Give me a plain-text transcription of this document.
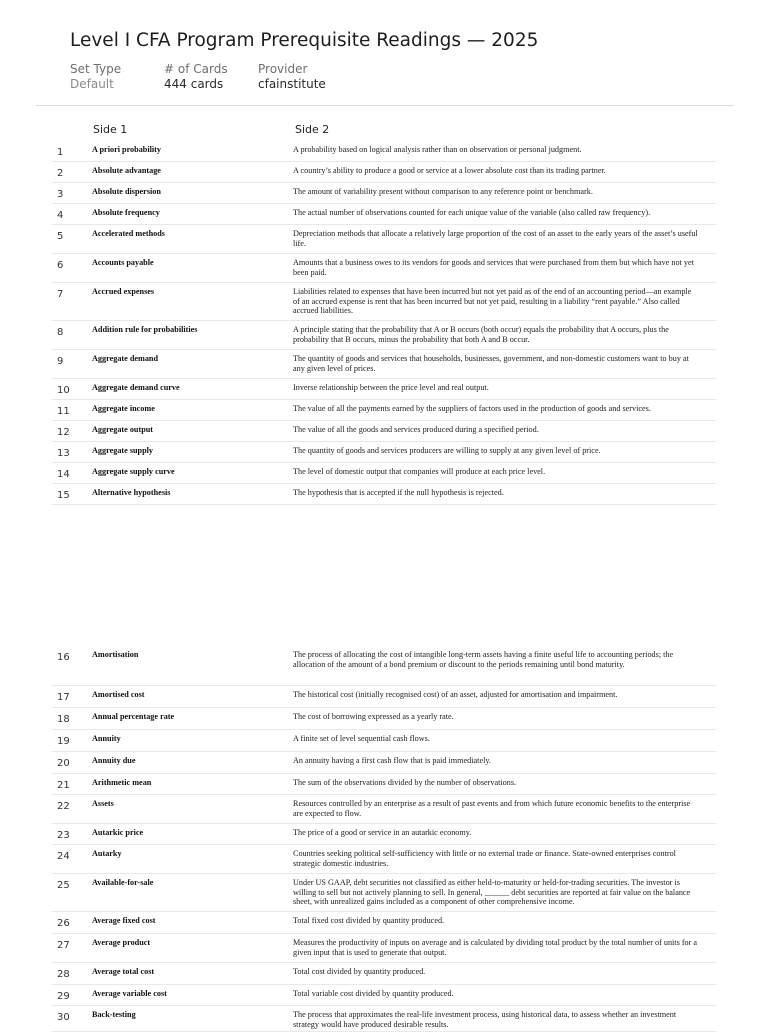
Level I CFA Program Prerequisite Readings — 2025
Set Type
Default
# of Cards
444 cards
Provider
cfainstitute
Side 1	Side 2
1	A priori probability	A probability based on logical analysis rather than on observation or personal judgment.
2	Absolute advantage	A country’s ability to produce a good or service at a lower absolute cost than its trading partner.
3	Absolute dispersion	The amount of variability present without comparison to any reference point or benchmark.
4	Absolute frequency	The actual number of observations counted for each unique value of the variable (also called raw frequency).
5	Accelerated methods	Depreciation methods that allocate a relatively large proportion of the cost of an asset to the early years of the asset’s useful life.
6	Accounts payable	Amounts that a business owes to its vendors for goods and services that were purchased from them but which have not yet been paid.
7	Accrued expenses	Liabilities related to expenses that have been incurred but not yet paid as of the end of an accounting period—an example of an accrued expense is rent that has been incurred but not yet paid, resulting in a liability “rent payable.” Also called accrued liabilities.
8	Addition rule for probabilities	A principle stating that the probability that A or B occurs (both occur) equals the probability that A occurs, plus the probability that B occurs, minus the probability that both A and B occur.
9	Aggregate demand	The quantity of goods and services that households, businesses, government, and non-domestic customers want to buy at any given level of prices.
10	Aggregate demand curve	Inverse relationship between the price level and real output.
11	Aggregate income	The value of all the payments earned by the suppliers of factors used in the production of goods and services.
12	Aggregate output	The value of all the goods and services produced during a specified period.
13	Aggregate supply	The quantity of goods and services producers are willing to supply at any given level of price.
14	Aggregate supply curve	The level of domestic output that companies will produce at each price level.
15	Alternative hypothesis	The hypothesis that is accepted if the null hypothesis is rejected.
16	Amortisation	The process of allocating the cost of intangible long-term assets having a finite useful life to accounting periods; the allocation of the amount of a bond premium or discount to the periods remaining until bond maturity.
17	Amortised cost	The historical cost (initially recognised cost) of an asset, adjusted for amortisation and impairment.
18	Annual percentage rate	The cost of borrowing expressed as a yearly rate.
19	Annuity	A finite set of level sequential cash flows.
20	Annuity due	An annuity having a first cash flow that is paid immediately.
21	Arithmetic mean	The sum of the observations divided by the number of observations.
22	Assets	Resources controlled by an enterprise as a result of past events and from which future economic benefits to the enterprise are expected to flow.
23	Autarkic price	The price of a good or service in an autarkic economy.
24	Autarky	Countries seeking political self-sufficiency with little or no external trade or finance. State-owned enterprises control strategic domestic industries.
25	Available-for-sale	Under US GAAP, debt securities not classified as either held-to-maturity or held-for-trading securities. The investor is willing to sell but not actively planning to sell. In general, ______ debt securities are reported at fair value on the balance sheet, with unrealized gains included as a component of other comprehensive income.
26	Average fixed cost	Total fixed cost divided by quantity produced.
27	Average product	Measures the productivity of inputs on average and is calculated by dividing total product by the total number of units for a given input that is used to generate that output.
28	Average total cost	Total cost divided by quantity produced.
29	Average variable cost	Total variable cost divided by quantity produced.
30	Back-testing	The process that approximates the real-life investment process, using historical data, to assess whether an investment strategy would have produced desirable results.
